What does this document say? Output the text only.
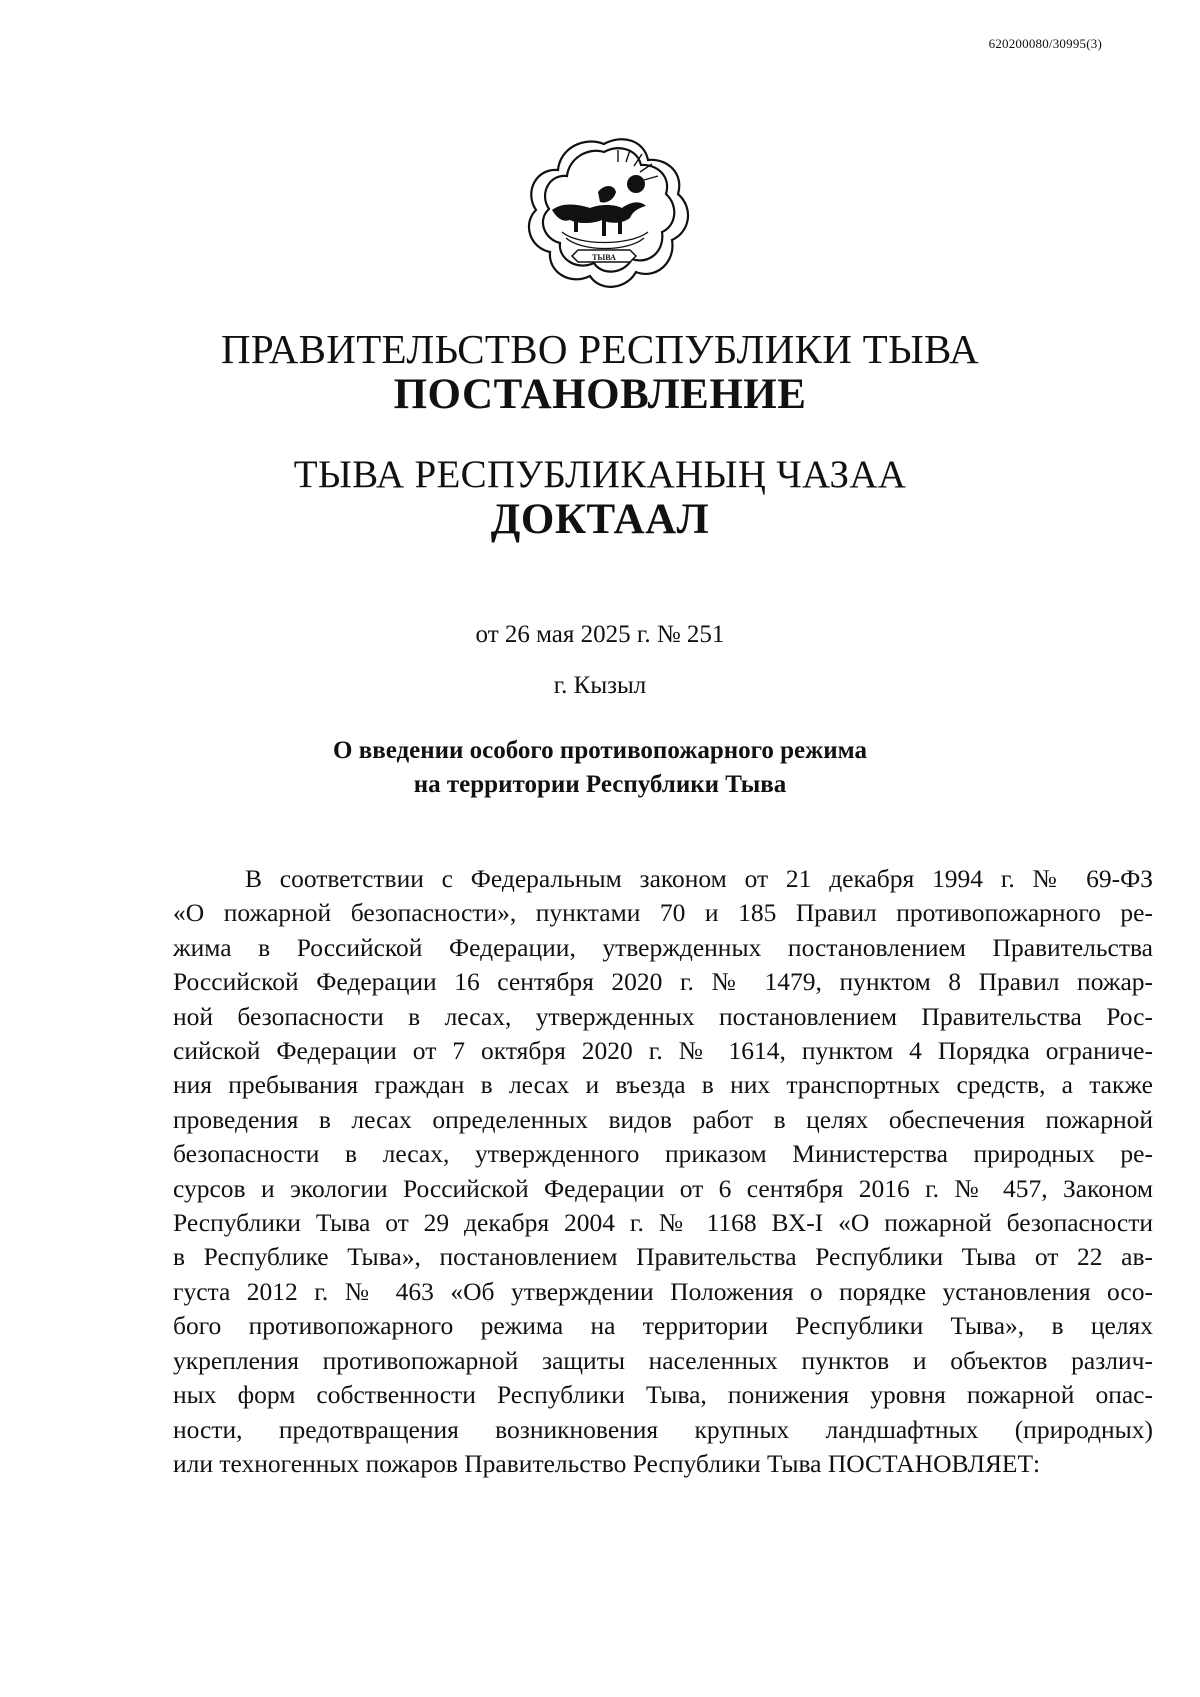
620200080/30995(3)
ТЫВА
ПРАВИТЕЛЬСТВО РЕСПУБЛИКИ ТЫВА
ПОСТАНОВЛЕНИЕ
ТЫВА РЕСПУБЛИКАНЫҢ ЧАЗАА
ДОКТААЛ
от 26 мая 2025 г. № 251
г. Кызыл
О введении особого противопожарного режима
на территории Республики Тыва
В соответствии с Федеральным законом от 21 декабря 1994 г. № 69-ФЗ
«О пожарной безопасности», пунктами 70 и 185 Правил противопожарного ре-
жима в Российской Федерации, утвержденных постановлением Правительства
Российской Федерации 16 сентября 2020 г. № 1479, пунктом 8 Правил пожар-
ной безопасности в лесах, утвержденных постановлением Правительства Рос-
сийской Федерации от 7 октября 2020 г. № 1614, пунктом 4 Порядка ограниче-
ния пребывания граждан в лесах и въезда в них транспортных средств, а также
проведения в лесах определенных видов работ в целях обеспечения пожарной
безопасности в лесах, утвержденного приказом Министерства природных ре-
сурсов и экологии Российской Федерации от 6 сентября 2016 г. № 457, Законом
Республики Тыва от 29 декабря 2004 г. № 1168 ВХ-I «О пожарной безопасности
в Республике Тыва», постановлением Правительства Республики Тыва от 22 ав-
густа 2012 г. № 463 «Об утверждении Положения о порядке установления осо-
бого противопожарного режима на территории Республики Тыва», в целях
укрепления противопожарной защиты населенных пунктов и объектов различ-
ных форм собственности Республики Тыва, понижения уровня пожарной опас-
ности, предотвращения возникновения крупных ландшафтных (природных)
или техногенных пожаров Правительство Республики Тыва ПОСТАНОВЛЯЕТ:
